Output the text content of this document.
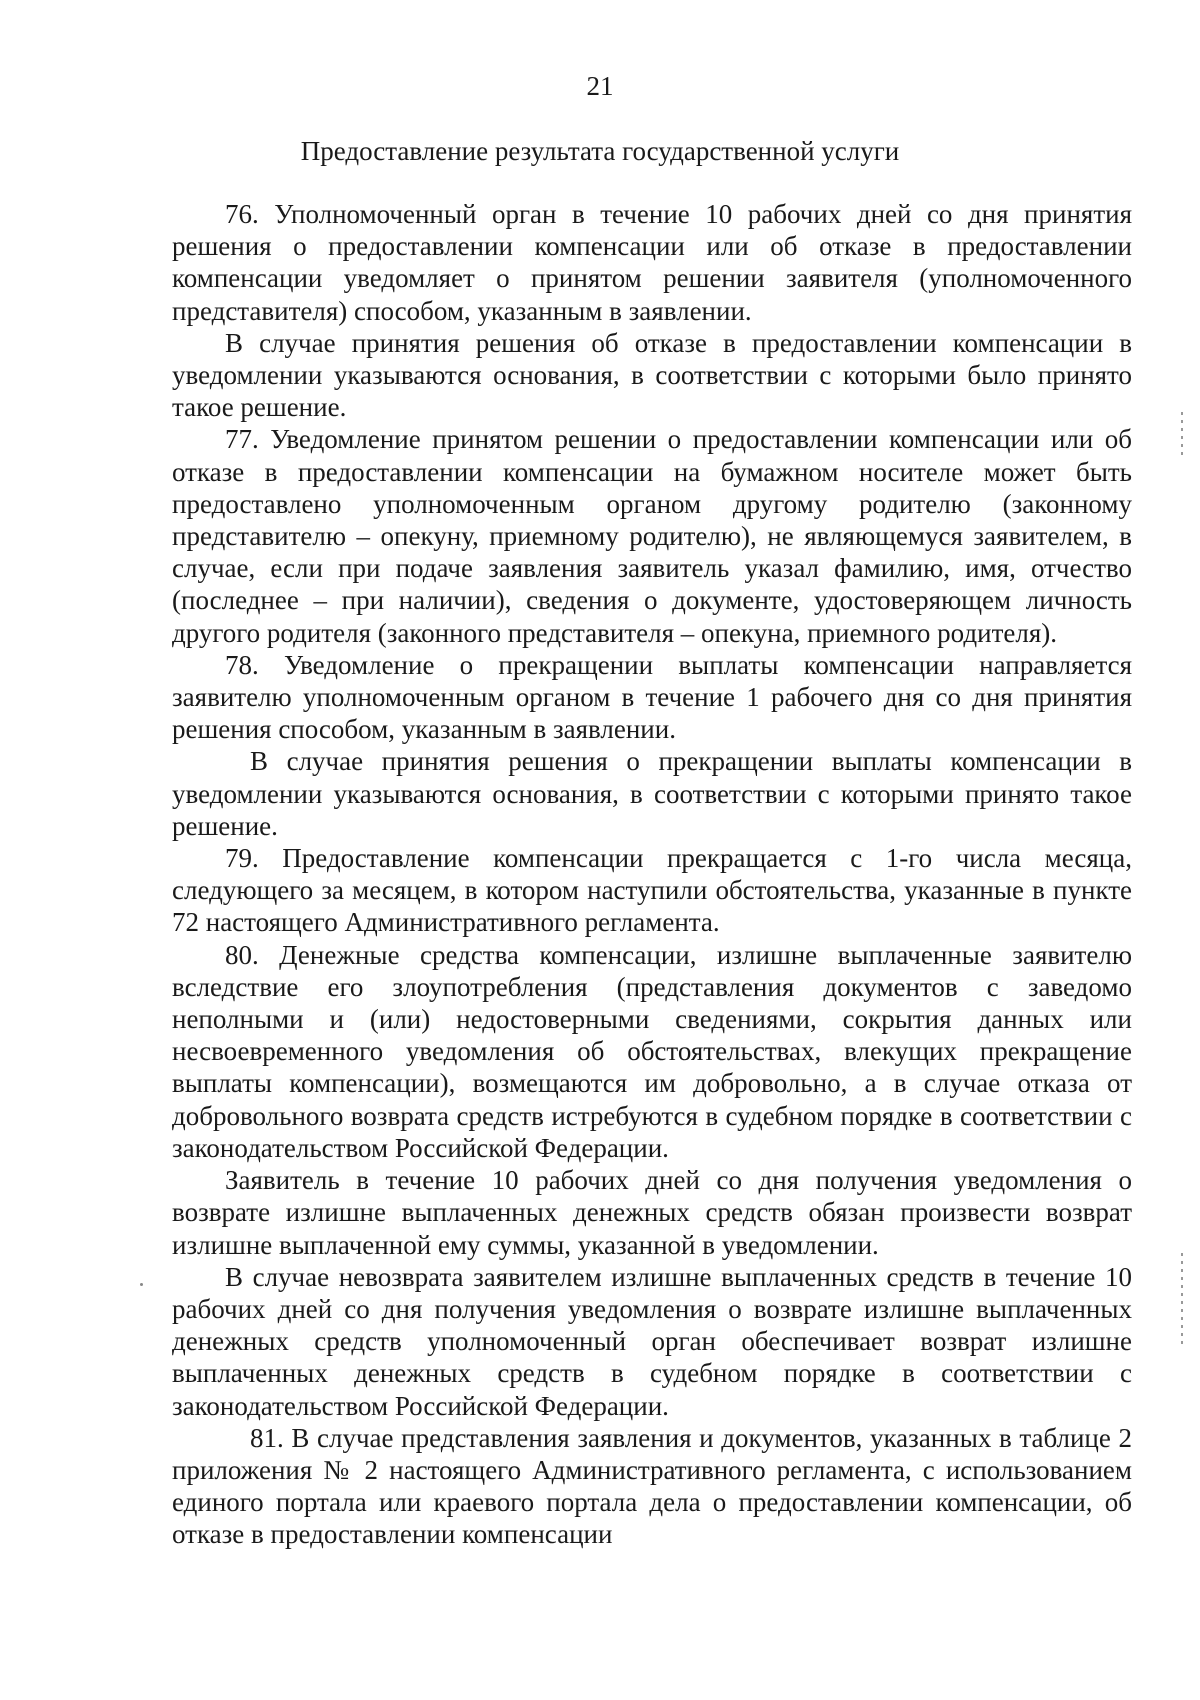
21
Предоставление результата государственной услуги

76. Уполномоченный орган в течение 10 рабочих дней со дня принятия решения о предоставлении компенсации или об отказе в предоставлении компенсации уведомляет о принятом решении заявителя (уполномоченного представителя) способом, указанным в заявлении.

В случае принятия решения об отказе в предоставлении компенсации в уведомлении указываются основания, в соответствии с которыми было принято такое решение.

77. Уведомление принятом решении о предоставлении компенсации или об отказе в предоставлении компенсации на бумажном носителе может быть предоставлено уполномоченным органом другому родителю (законному представителю – опекуну, приемному родителю), не являющемуся заявителем, в случае, если при подаче заявления заявитель указал фамилию, имя, отчество (последнее – при наличии), сведения о документе, удостоверяющем личность другого родителя (законного представителя – опекуна, приемного родителя).

78. Уведомление о прекращении выплаты компенсации направляется заявителю уполномоченным органом в течение 1 рабочего дня со дня принятия решения способом, указанным в заявлении.

В случае принятия решения о прекращении выплаты компенсации в уведомлении указываются основания, в соответствии с которыми принято такое решение.

79. Предоставление компенсации прекращается с 1-го числа месяца, следующего за месяцем, в котором наступили обстоятельства, указанные в пункте 72 настоящего Административного регламента.

80. Денежные средства компенсации, излишне выплаченные заявителю вследствие его злоупотребления (представления документов с заведомо неполными и (или) недостоверными сведениями, сокрытия данных или несвоевременного уведомления об обстоятельствах, влекущих прекращение выплаты компенсации), возмещаются им добровольно, а в случае отказа от добровольного возврата средств истребуются в судебном порядке в соответствии с законодательством Российской Федерации.

Заявитель в течение 10 рабочих дней со дня получения уведомления о возврате излишне выплаченных денежных средств обязан произвести возврат излишне выплаченной ему суммы, указанной в уведомлении.

В случае невозврата заявителем излишне выплаченных средств в течение 10 рабочих дней со дня получения уведомления о возврате излишне выплаченных денежных средств уполномоченный орган обеспечивает возврат излишне выплаченных денежных средств в судебном порядке в соответствии с законодательством Российской Федерации.

81. В случае представления заявления и документов, указанных в таблице 2 приложения № 2 настоящего Административного регламента, с использованием единого портала или краевого портала дела о предоставлении компенсации, об отказе в предоставлении компенсации
